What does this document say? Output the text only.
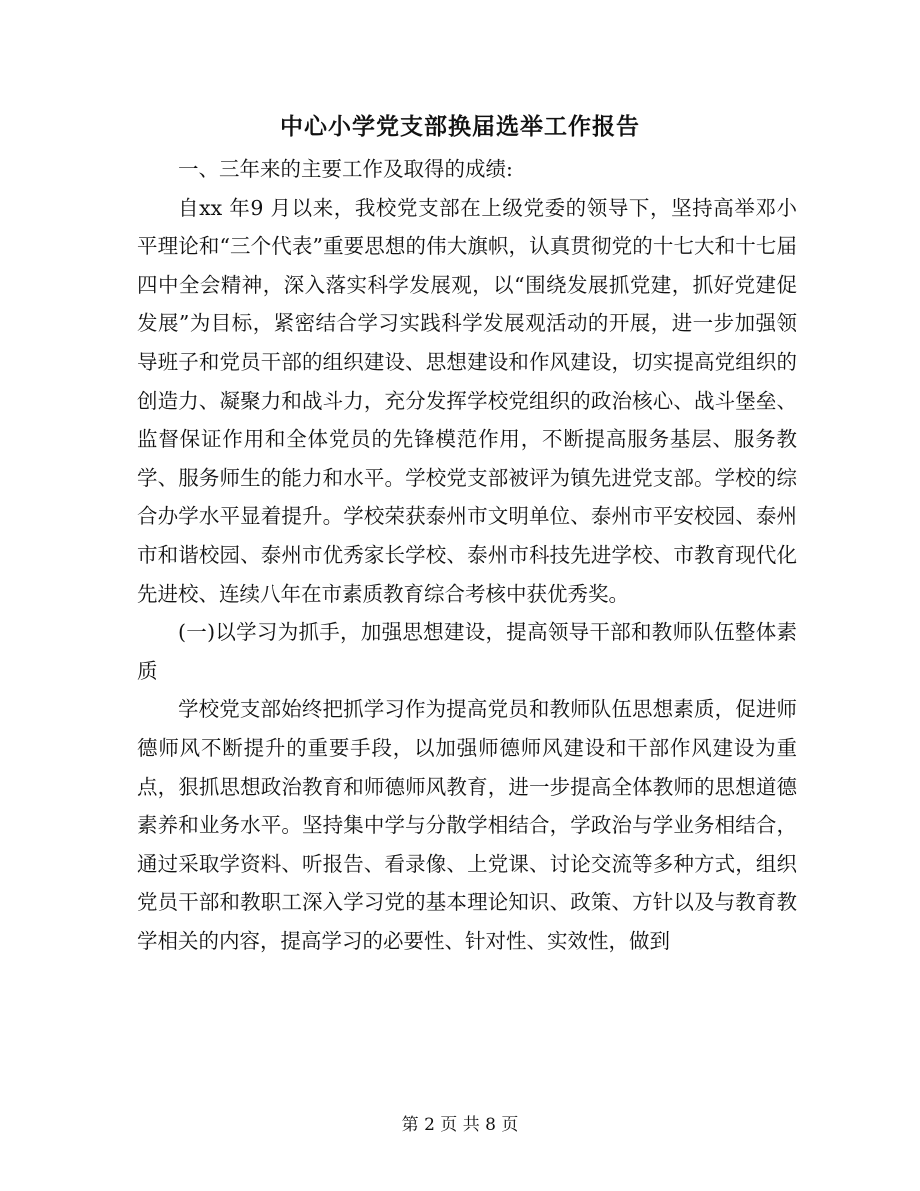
中心小学党支部换届选举工作报告

一、三年来的主要工作及取得的成绩:

自xx 年9 月以来，我校党支部在上级党委的领导下，坚持高举邓小平理论和“三个代表”重要思想的伟大旗帜，认真贯彻党的十七大和十七届四中全会精神，深入落实科学发展观，以“围绕发展抓党建，抓好党建促发展”为目标，紧密结合学习实践科学发展观活动的开展，进一步加强领导班子和党员干部的组织建设、思想建设和作风建设，切实提高党组织的创造力、凝聚力和战斗力，充分发挥学校党组织的政治核心、战斗堡垒、监督保证作用和全体党员的先锋模范作用，不断提高服务基层、服务教学、服务师生的能力和水平。学校党支部被评为镇先进党支部。学校的综合办学水平显着提升。学校荣获泰州市文明单位、泰州市平安校园、泰州市和谐校园、泰州市优秀家长学校、泰州市科技先进学校、市教育现代化先进校、连续八年在市素质教育综合考核中获优秀奖。

(一)以学习为抓手，加强思想建设，提高领导干部和教师队伍整体素质

学校党支部始终把抓学习作为提高党员和教师队伍思想素质，促进师德师风不断提升的重要手段，以加强师德师风建设和干部作风建设为重点，狠抓思想政治教育和师德师风教育，进一步提高全体教师的思想道德素养和业务水平。坚持集中学与分散学相结合，学政治与学业务相结合，通过采取学资料、听报告、看录像、上党课、讨论交流等多种方式，组织党员干部和教职工深入学习党的基本理论知识、政策、方针以及与教育教学相关的内容，提高学习的必要性、针对性、实效性，做到

第 2 页 共 8 页
